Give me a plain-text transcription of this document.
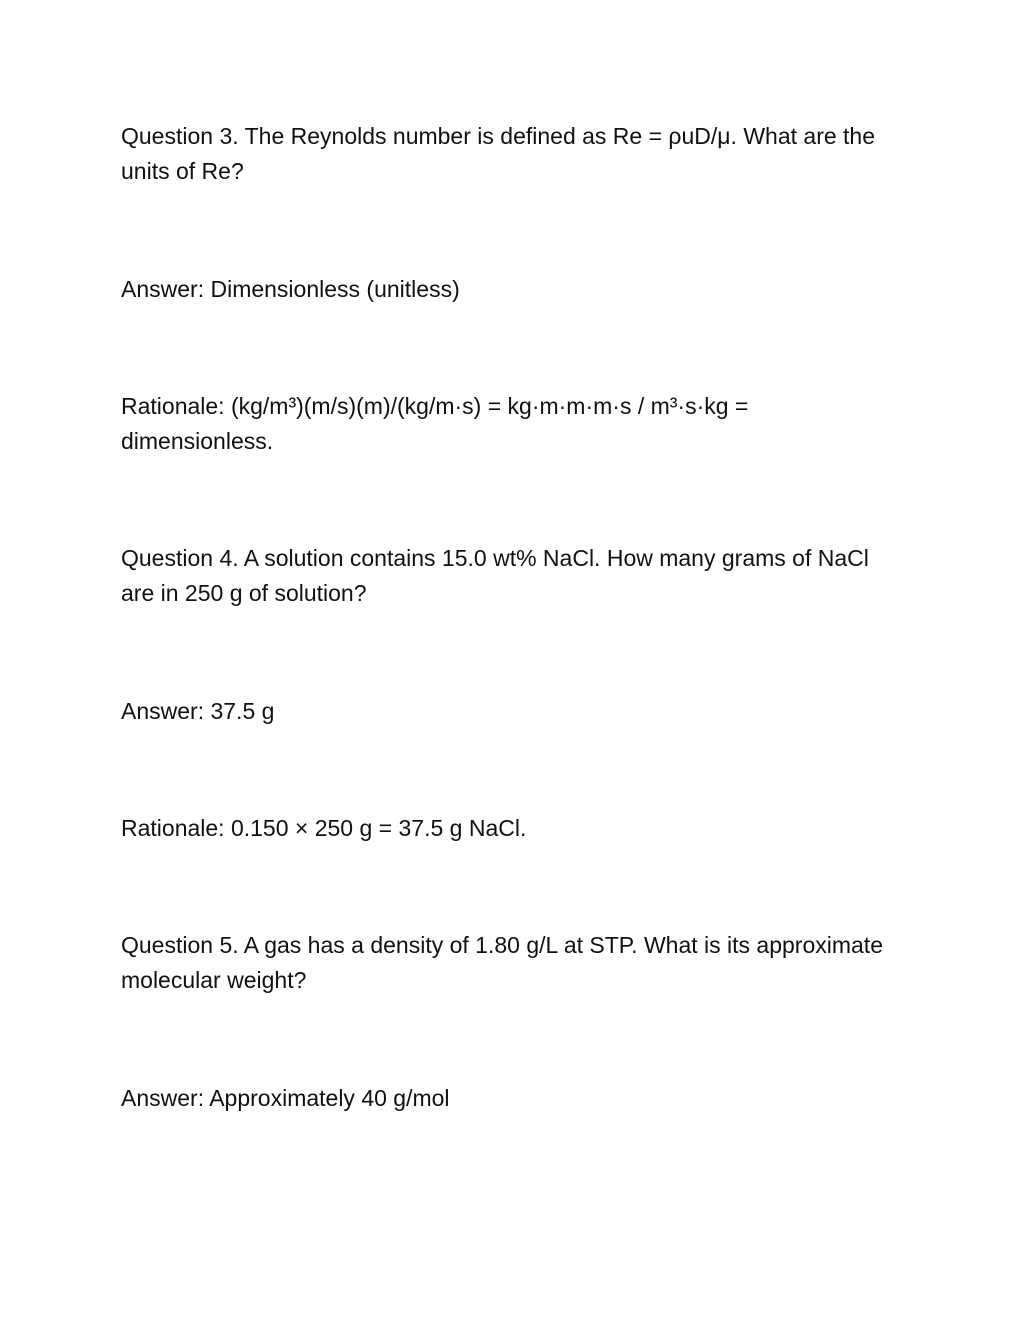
Question 3. The Reynolds number is defined as Re = ρuD/μ. What are the units of Re?

Answer: Dimensionless (unitless)

Rationale: (kg/m³)(m/s)(m)/(kg/m·s) = kg·m·m·m·s / m³·s·kg = dimensionless.

Question 4. A solution contains 15.0 wt% NaCl. How many grams of NaCl are in 250 g of solution?

Answer: 37.5 g

Rationale: 0.150 × 250 g = 37.5 g NaCl.

Question 5. A gas has a density of 1.80 g/L at STP. What is its approximate molecular weight?

Answer: Approximately 40 g/mol
